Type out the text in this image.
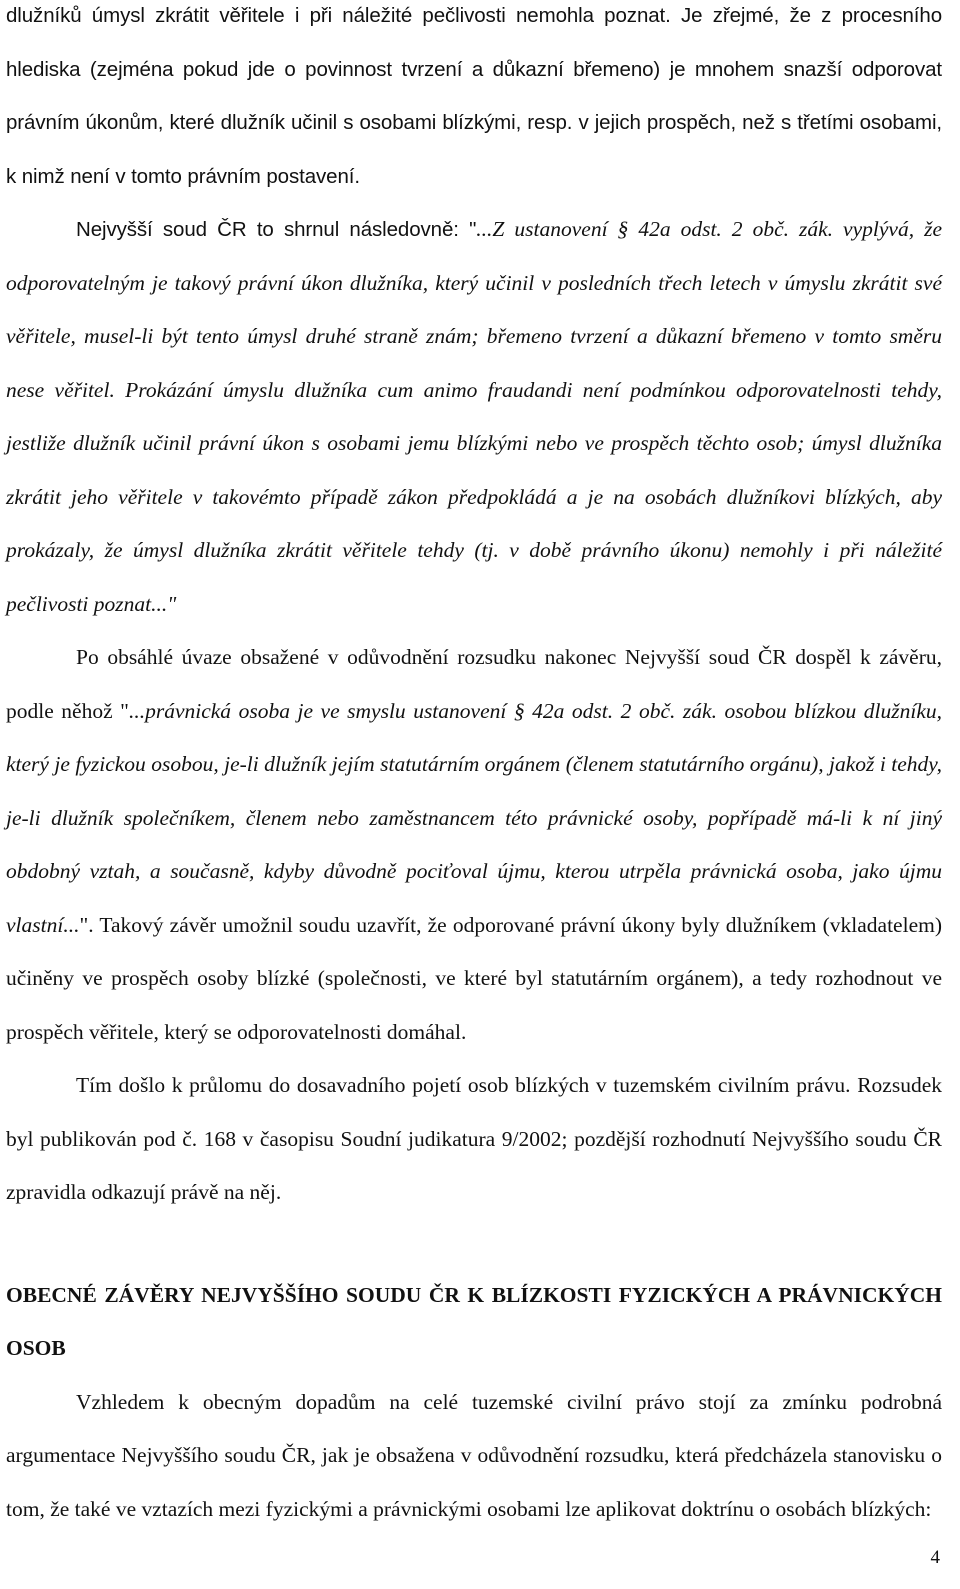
dlužníků úmysl zkrátit věřitele i při náležité pečlivosti nemohla poznat. Je zřejmé, že z procesního hlediska (zejména pokud jde o povinnost tvrzení a důkazní břemeno) je mnohem snazší odporovat právním úkonům, které dlužník učinil s osobami blízkými, resp. v jejich prospěch, než s třetími osobami, k nimž není v tomto právním postavení.

Nejvyšší soud ČR to shrnul následovně: "...Z ustanovení § 42a odst. 2 obč. zák. vyplývá, že odporovatelným je takový právní úkon dlužníka, který učinil v posledních třech letech v úmyslu zkrátit své věřitele, musel-li být tento úmysl druhé straně znám; břemeno tvrzení a důkazní břemeno v tomto směru nese věřitel. Prokázání úmyslu dlužníka cum animo fraudandi není podmínkou odporovatelnosti tehdy, jestliže dlužník učinil právní úkon s osobami jemu blízkými nebo ve prospěch těchto osob; úmysl dlužníka zkrátit jeho věřitele v takovémto případě zákon předpokládá a je na osobách dlužníkovi blízkých, aby prokázaly, že úmysl dlužníka zkrátit věřitele tehdy (tj. v době právního úkonu) nemohly i při náležité pečlivosti poznat..."

Po obsáhlé úvaze obsažené v odůvodnění rozsudku nakonec Nejvyšší soud ČR dospěl k závěru, podle něhož "...právnická osoba je ve smyslu ustanovení § 42a odst. 2 obč. zák. osobou blízkou dlužníku, který je fyzickou osobou, je-li dlužník jejím statutárním orgánem (členem statutárního orgánu), jakož i tehdy, je-li dlužník společníkem, členem nebo zaměstnancem této právnické osoby, popřípadě má-li k ní jiný obdobný vztah, a současně, kdyby důvodně pociťoval újmu, kterou utrpěla právnická osoba, jako újmu vlastní...". Takový závěr umožnil soudu uzavřít, že odporované právní úkony byly dlužníkem (vkladatelem) učiněny ve prospěch osoby blízké (společnosti, ve které byl statutárním orgánem), a tedy rozhodnout ve prospěch věřitele, který se odporovatelnosti domáhal.

Tím došlo k průlomu do dosavadního pojetí osob blízkých v tuzemském civilním právu. Rozsudek byl publikován pod č. 168 v časopisu Soudní judikatura 9/2002; pozdější rozhodnutí Nejvyššího soudu ČR zpravidla odkazují právě na něj.

OBECNÉ ZÁVĚRY NEJVYŠŠÍHO SOUDU ČR K BLÍZKOSTI FYZICKÝCH A PRÁVNICKÝCH OSOB

Vzhledem k obecným dopadům na celé tuzemské civilní právo stojí za zmínku podrobná argumentace Nejvyššího soudu ČR, jak je obsažena v odůvodnění rozsudku, která předcházela stanovisku o tom, že také ve vztazích mezi fyzickými a právnickými osobami lze aplikovat doktrínu o osobách blízkých:

4
